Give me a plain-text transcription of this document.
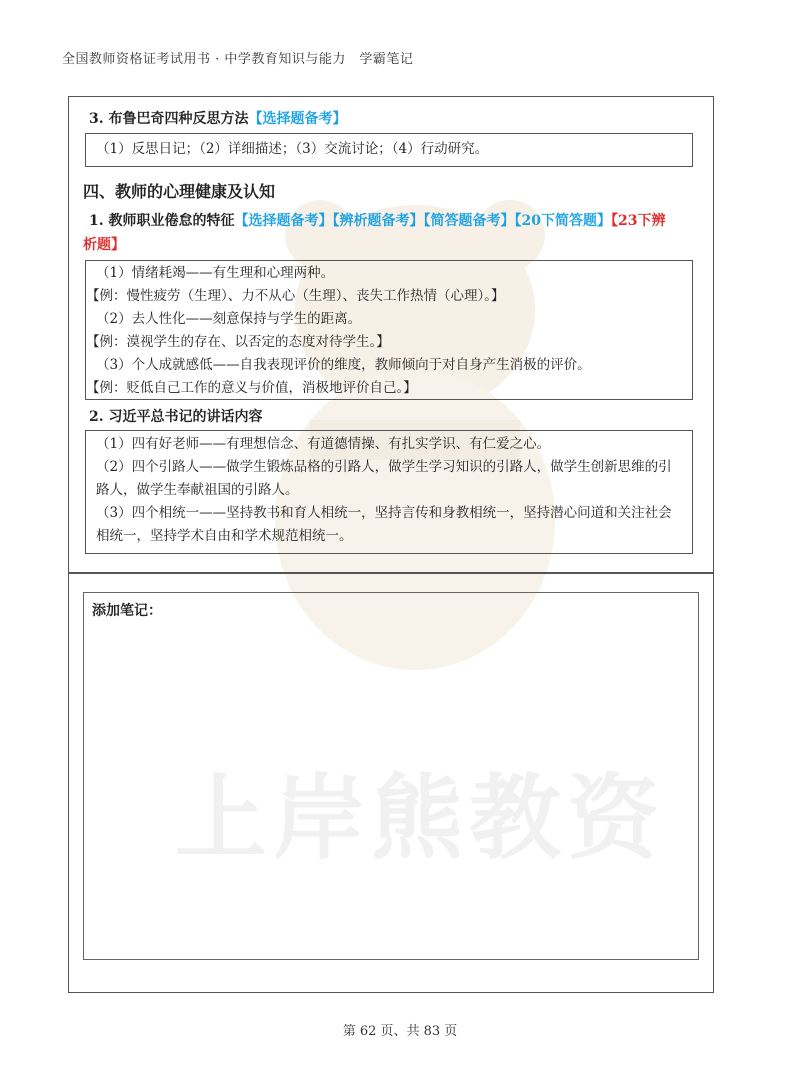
上岸熊教资
全国教师资格证考试用书 · 中学教育知识与能力　学霸笔记
3. 布鲁巴奇四种反思方法【选择题备考】
（1）反思日记；（2）详细描述；（3）交流讨论；（4）行动研究。
四、教师的心理健康及认知
1. 教师职业倦怠的特征【选择题备考】【辨析题备考】【简答题备考】【20下简答题】【23下辨
析题】
（1）情绪耗竭——有生理和心理两种。
【例：慢性疲劳（生理）、力不从心（生理）、丧失工作热情（心理）。】
（2）去人性化——刻意保持与学生的距离。
【例：漠视学生的存在、以否定的态度对待学生。】
（3）个人成就感低——自我表现评价的维度，教师倾向于对自身产生消极的评价。
【例：贬低自己工作的意义与价值，消极地评价自己。】
2. 习近平总书记的讲话内容
（1）四有好老师——有理想信念、有道德情操、有扎实学识、有仁爱之心。
（2）四个引路人——做学生锻炼品格的引路人，做学生学习知识的引路人，做学生创新思维的引
路人，做学生奉献祖国的引路人。
（3）四个相统一——坚持教书和育人相统一，坚持言传和身教相统一，坚持潜心问道和关注社会
相统一，坚持学术自由和学术规范相统一。
添加笔记：
第 62 页、共 83 页
